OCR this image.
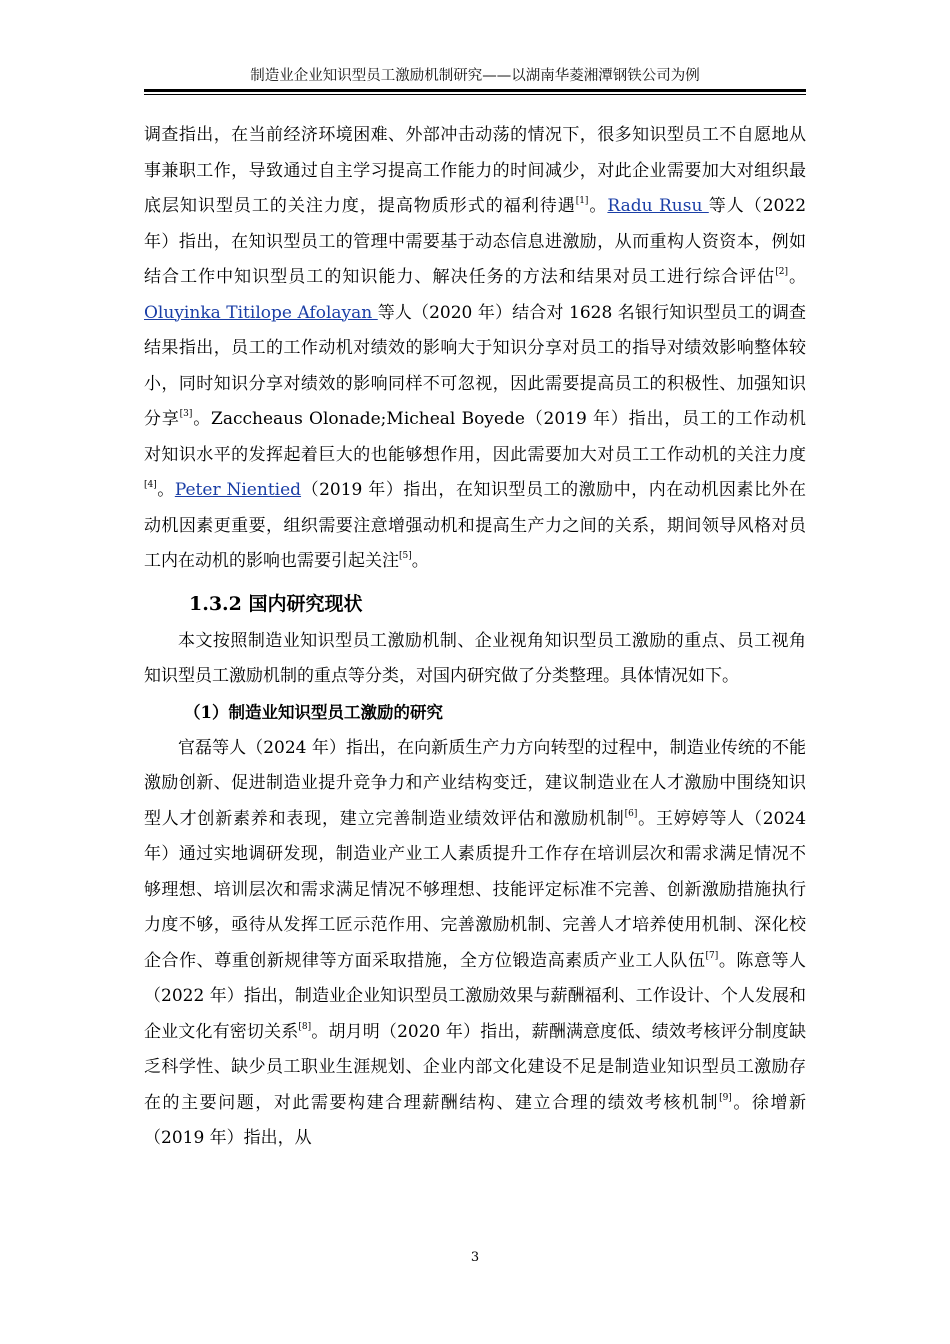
制造业企业知识型员工激励机制研究——以湖南华菱湘潭钢铁公司为例

调查指出，在当前经济环境困难、外部冲击动荡的情况下，很多知识型员工不自愿地从事兼职工作，导致通过自主学习提高工作能力的时间减少，对此企业需要加大对组织最底层知识型员工的关注力度，提高物质形式的福利待遇[1]。Radu Rusu 等人（2022 年）指出，在知识型员工的管理中需要基于动态信息进激励，从而重构人资资本，例如结合工作中知识型员工的知识能力、解决任务的方法和结果对员工进行综合评估[2]。Oluyinka Titilope Afolayan 等人（2020 年）结合对 1628 名银行知识型员工的调查结果指出，员工的工作动机对绩效的影响大于知识分享对员工的指导对绩效影响整体较小，同时知识分享对绩效的影响同样不可忽视，因此需要提高员工的积极性、加强知识分享[3]。Zaccheaus Olonade;Micheal Boyede（2019 年）指出，员工的工作动机对知识水平的发挥起着巨大的也能够想作用，因此需要加大对员工工作动机的关注力度[4]。Peter Nientied（2019 年）指出，在知识型员工的激励中，内在动机因素比外在动机因素更重要，组织需要注意增强动机和提高生产力之间的关系，期间领导风格对员工内在动机的影响也需要引起关注[5]。

1.3.2 国内研究现状

本文按照制造业知识型员工激励机制、企业视角知识型员工激励的重点、员工视角知识型员工激励机制的重点等分类，对国内研究做了分类整理。具体情况如下。

（1）制造业知识型员工激励的研究

官磊等人（2024 年）指出，在向新质生产力方向转型的过程中，制造业传统的不能激励创新、促进制造业提升竞争力和产业结构变迁，建议制造业在人才激励中围绕知识型人才创新素养和表现，建立完善制造业绩效评估和激励机制[6]。王婷婷等人（2024 年）通过实地调研发现，制造业产业工人素质提升工作存在培训层次和需求满足情况不够理想、培训层次和需求满足情况不够理想、技能评定标准不完善、创新激励措施执行力度不够，亟待从发挥工匠示范作用、完善激励机制、完善人才培养使用机制、深化校企合作、尊重创新规律等方面采取措施，全方位锻造高素质产业工人队伍[7]。陈意等人（2022 年）指出，制造业企业知识型员工激励效果与薪酬福利、工作设计、个人发展和企业文化有密切关系[8]。胡月明（2020 年）指出，薪酬满意度低、绩效考核评分制度缺乏科学性、缺少员工职业生涯规划、企业内部文化建设不足是制造业知识型员工激励存在的主要问题，对此需要构建合理薪酬结构、建立合理的绩效考核机制[9]。徐增新（2019 年）指出，从

3
